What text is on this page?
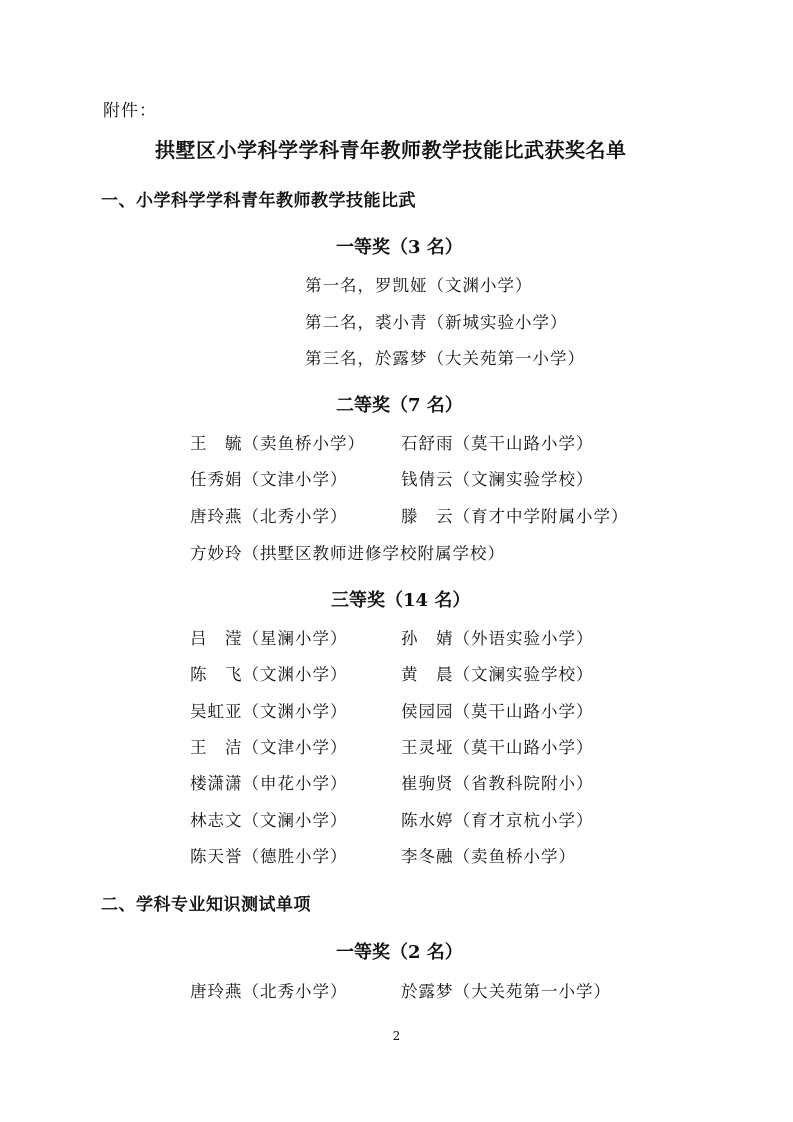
附件：
拱墅区小学科学学科青年教师教学技能比武获奖名单
一、小学科学学科青年教师教学技能比武
一等奖（3 名）
第一名，罗凯娅（文渊小学）
第二名，裘小青（新城实验小学）
第三名，於露梦（大关苑第一小学）
二等奖（7 名）
王　毓（卖鱼桥小学） 石舒雨（莫干山路小学）
任秀娟（文津小学）	钱倩云（文澜实验学校）
唐玲燕（北秀小学）	滕　云（育才中学附属小学）
方妙玲（拱墅区教师进修学校附属学校）
三等奖（14 名）
吕　滢（星澜小学）	孙　婧（外语实验小学）
陈　飞（文渊小学）	黄　晨（文澜实验学校）
吴虹亚（文渊小学）	侯园园（莫干山路小学）
王　洁（文津小学）	王灵垭（莫干山路小学）
楼潇潇（申花小学）	崔驹贤（省教科院附小）
林志文（文澜小学）	陈水婷（育才京杭小学）
陈天誉（德胜小学）	李冬融（卖鱼桥小学）
二、学科专业知识测试单项
一等奖（2 名）
唐玲燕（北秀小学）	於露梦（大关苑第一小学）
2
